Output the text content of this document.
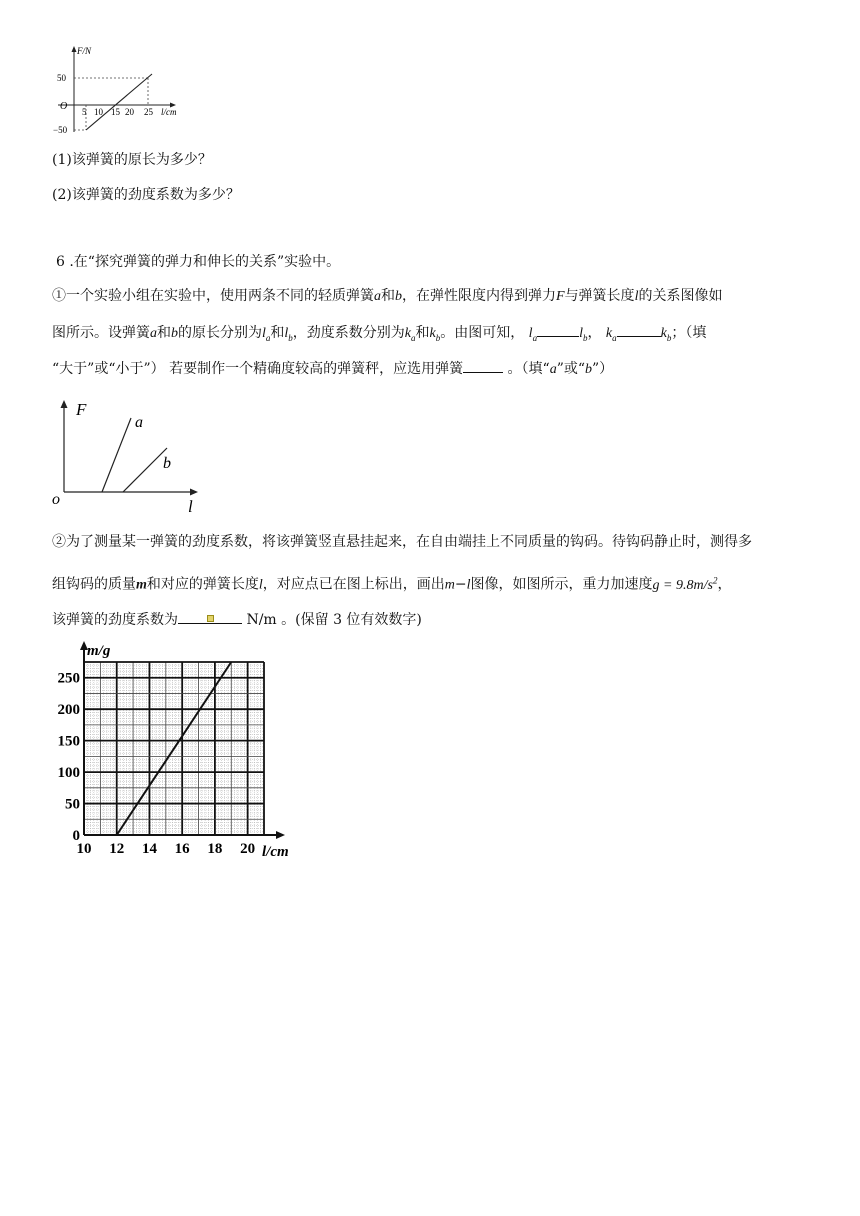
F/N
O
50
−50
5 10 15 20 25 l/cm
(1)该弹簧的原长为多少？
(2)该弹簧的劲度系数为多少？
6 .在“探究弹簧的弹力和伸长的关系”实验中。
①一个实验小组在实验中，使用两条不同的轻质弹簧a和b，在弹性限度内得到弹力F与弹簧长度l的关系图像如
图所示。设弹簧a和b的原长分别为$l_a$和$l_b$，劲度系数分别为$k_a$和$k_b$。由图可知， $l_a$	$l_b$， $k_a$	$k_b$；（填
“大于”或“小于”） 若要制作一个精确度较高的弹簧秤，应选用弹簧	。（填“a”或“b”）
F
a
b
o	l
②为了测量某一弹簧的劲度系数，将该弹簧竖直悬挂起来，在自由端挂上不同质量的钩码。待钩码静止时，测得多
组钩码的质量m和对应的弹簧长度l，对应点已在图上标出，画出m−l图像，如图所示，重力加速度$g = 9.8m/s^2$，
该弹簧的劲度系数为	N/m 。(保留 3 位有效数字)
10 12 14 16 18 20
0
50
100
150
200
250
m/g
l/cm
